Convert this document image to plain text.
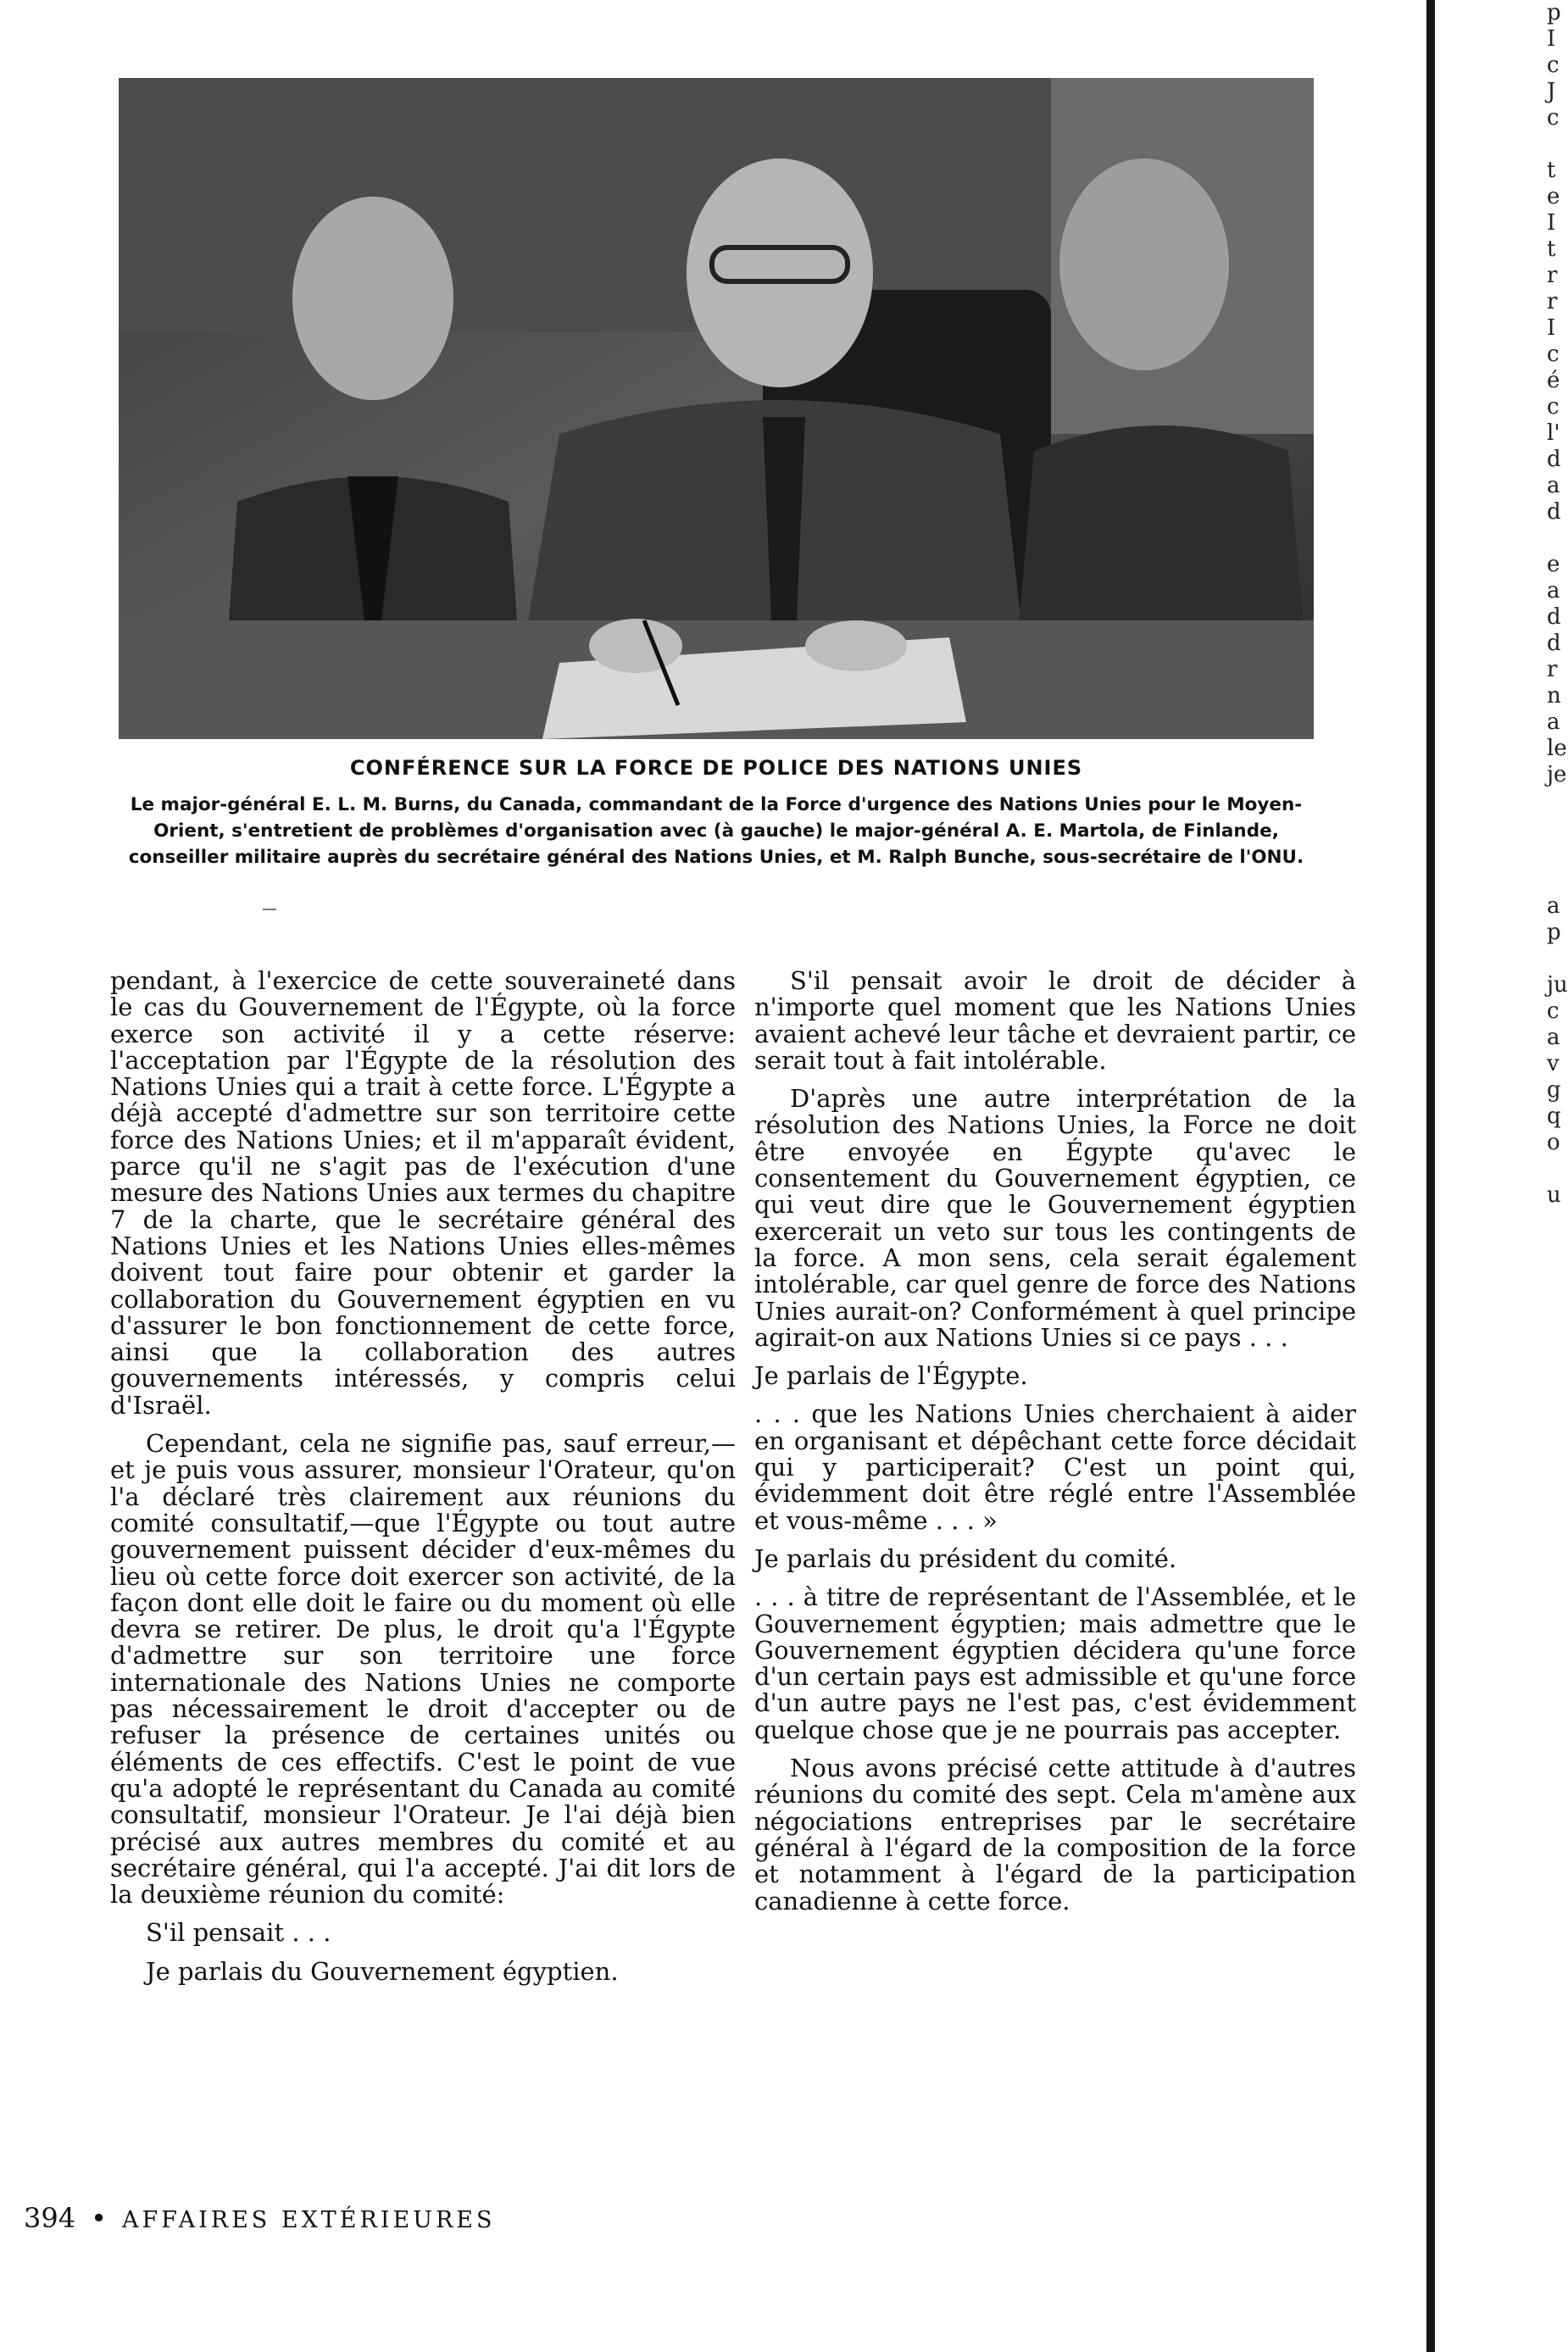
CONFÉRENCE SUR LA FORCE DE POLICE DES NATIONS UNIES
Le major-général E. L. M. Burns, du Canada, commandant de la Force d'urgence des Nations Unies pour le Moyen-Orient, s'entretient de problèmes d'organisation avec (à gauche) le major-général A. E. Martola, de Finlande, conseiller militaire auprès du secrétaire général des Nations Unies, et M. Ralph Bunche, sous-secrétaire de l'ONU.

pendant, à l'exercice de cette souveraineté dans le cas du Gouvernement de l'Égypte, où la force exerce son activité il y a cette réserve: l'acceptation par l'Égypte de la résolution des Nations Unies qui a trait à cette force. L'Égypte a déjà accepté d'admettre sur son territoire cette force des Nations Unies; et il m'apparaît évident, parce qu'il ne s'agit pas de l'exécution d'une mesure des Nations Unies aux termes du chapitre 7 de la charte, que le secrétaire général des Nations Unies et les Nations Unies elles-mêmes doivent tout faire pour obtenir et garder la collaboration du Gouvernement égyptien en vu d'assurer le bon fonctionnement de cette force, ainsi que la collaboration des autres gouvernements intéressés, y compris celui d'Israël.

Cependant, cela ne signifie pas, sauf erreur,—et je puis vous assurer, monsieur l'Orateur, qu'on l'a déclaré très clairement aux réunions du comité consultatif,—que l'Égypte ou tout autre gouvernement puissent décider d'eux-mêmes du lieu où cette force doit exercer son activité, de la façon dont elle doit le faire ou du moment où elle devra se retirer. De plus, le droit qu'a l'Égypte d'admettre sur son territoire une force internationale des Nations Unies ne comporte pas nécessairement le droit d'accepter ou de refuser la présence de certaines unités ou éléments de ces effectifs. C'est le point de vue qu'a adopté le représentant du Canada au comité consultatif, monsieur l'Orateur. Je l'ai déjà bien précisé aux autres membres du comité et au secrétaire général, qui l'a accepté. J'ai dit lors de la deuxième réunion du comité:

S'il pensait . . .

Je parlais du Gouvernement égyptien.

S'il pensait avoir le droit de décider à n'importe quel moment que les Nations Unies avaient achevé leur tâche et devraient partir, ce serait tout à fait intolérable.

D'après une autre interprétation de la résolution des Nations Unies, la Force ne doit être envoyée en Égypte qu'avec le consentement du Gouvernement égyptien, ce qui veut dire que le Gouvernement égyptien exercerait un veto sur tous les contingents de la force. A mon sens, cela serait également intolérable, car quel genre de force des Nations Unies aurait-on? Conformément à quel principe agirait-on aux Nations Unies si ce pays . . .

Je parlais de l'Égypte.

. . . que les Nations Unies cherchaient à aider en organisant et dépêchant cette force décidait qui y participerait? C'est un point qui, évidemment doit être réglé entre l'Assemblée et vous-même . . . »

Je parlais du président du comité.

. . . à titre de représentant de l'Assemblée, et le Gouvernement égyptien; mais admettre que le Gouvernement égyptien décidera qu'une force d'un certain pays est admissible et qu'une force d'un autre pays ne l'est pas, c'est évidemment quelque chose que je ne pourrais pas accepter.

Nous avons précisé cette attitude à d'autres réunions du comité des sept. Cela m'amène aux négociations entreprises par le secrétaire général à l'égard de la composition de la force et notamment à l'égard de la participation canadienne à cette force.

394 • AFFAIRES EXTÉRIEURES
p
I
c
J
c

t
e
I
t
r
r
I
c
é
c
l'
d
a
d

e
a
d
d
r
n
a
le
je

a
p

ju
c
a
v
g
q
o

u
